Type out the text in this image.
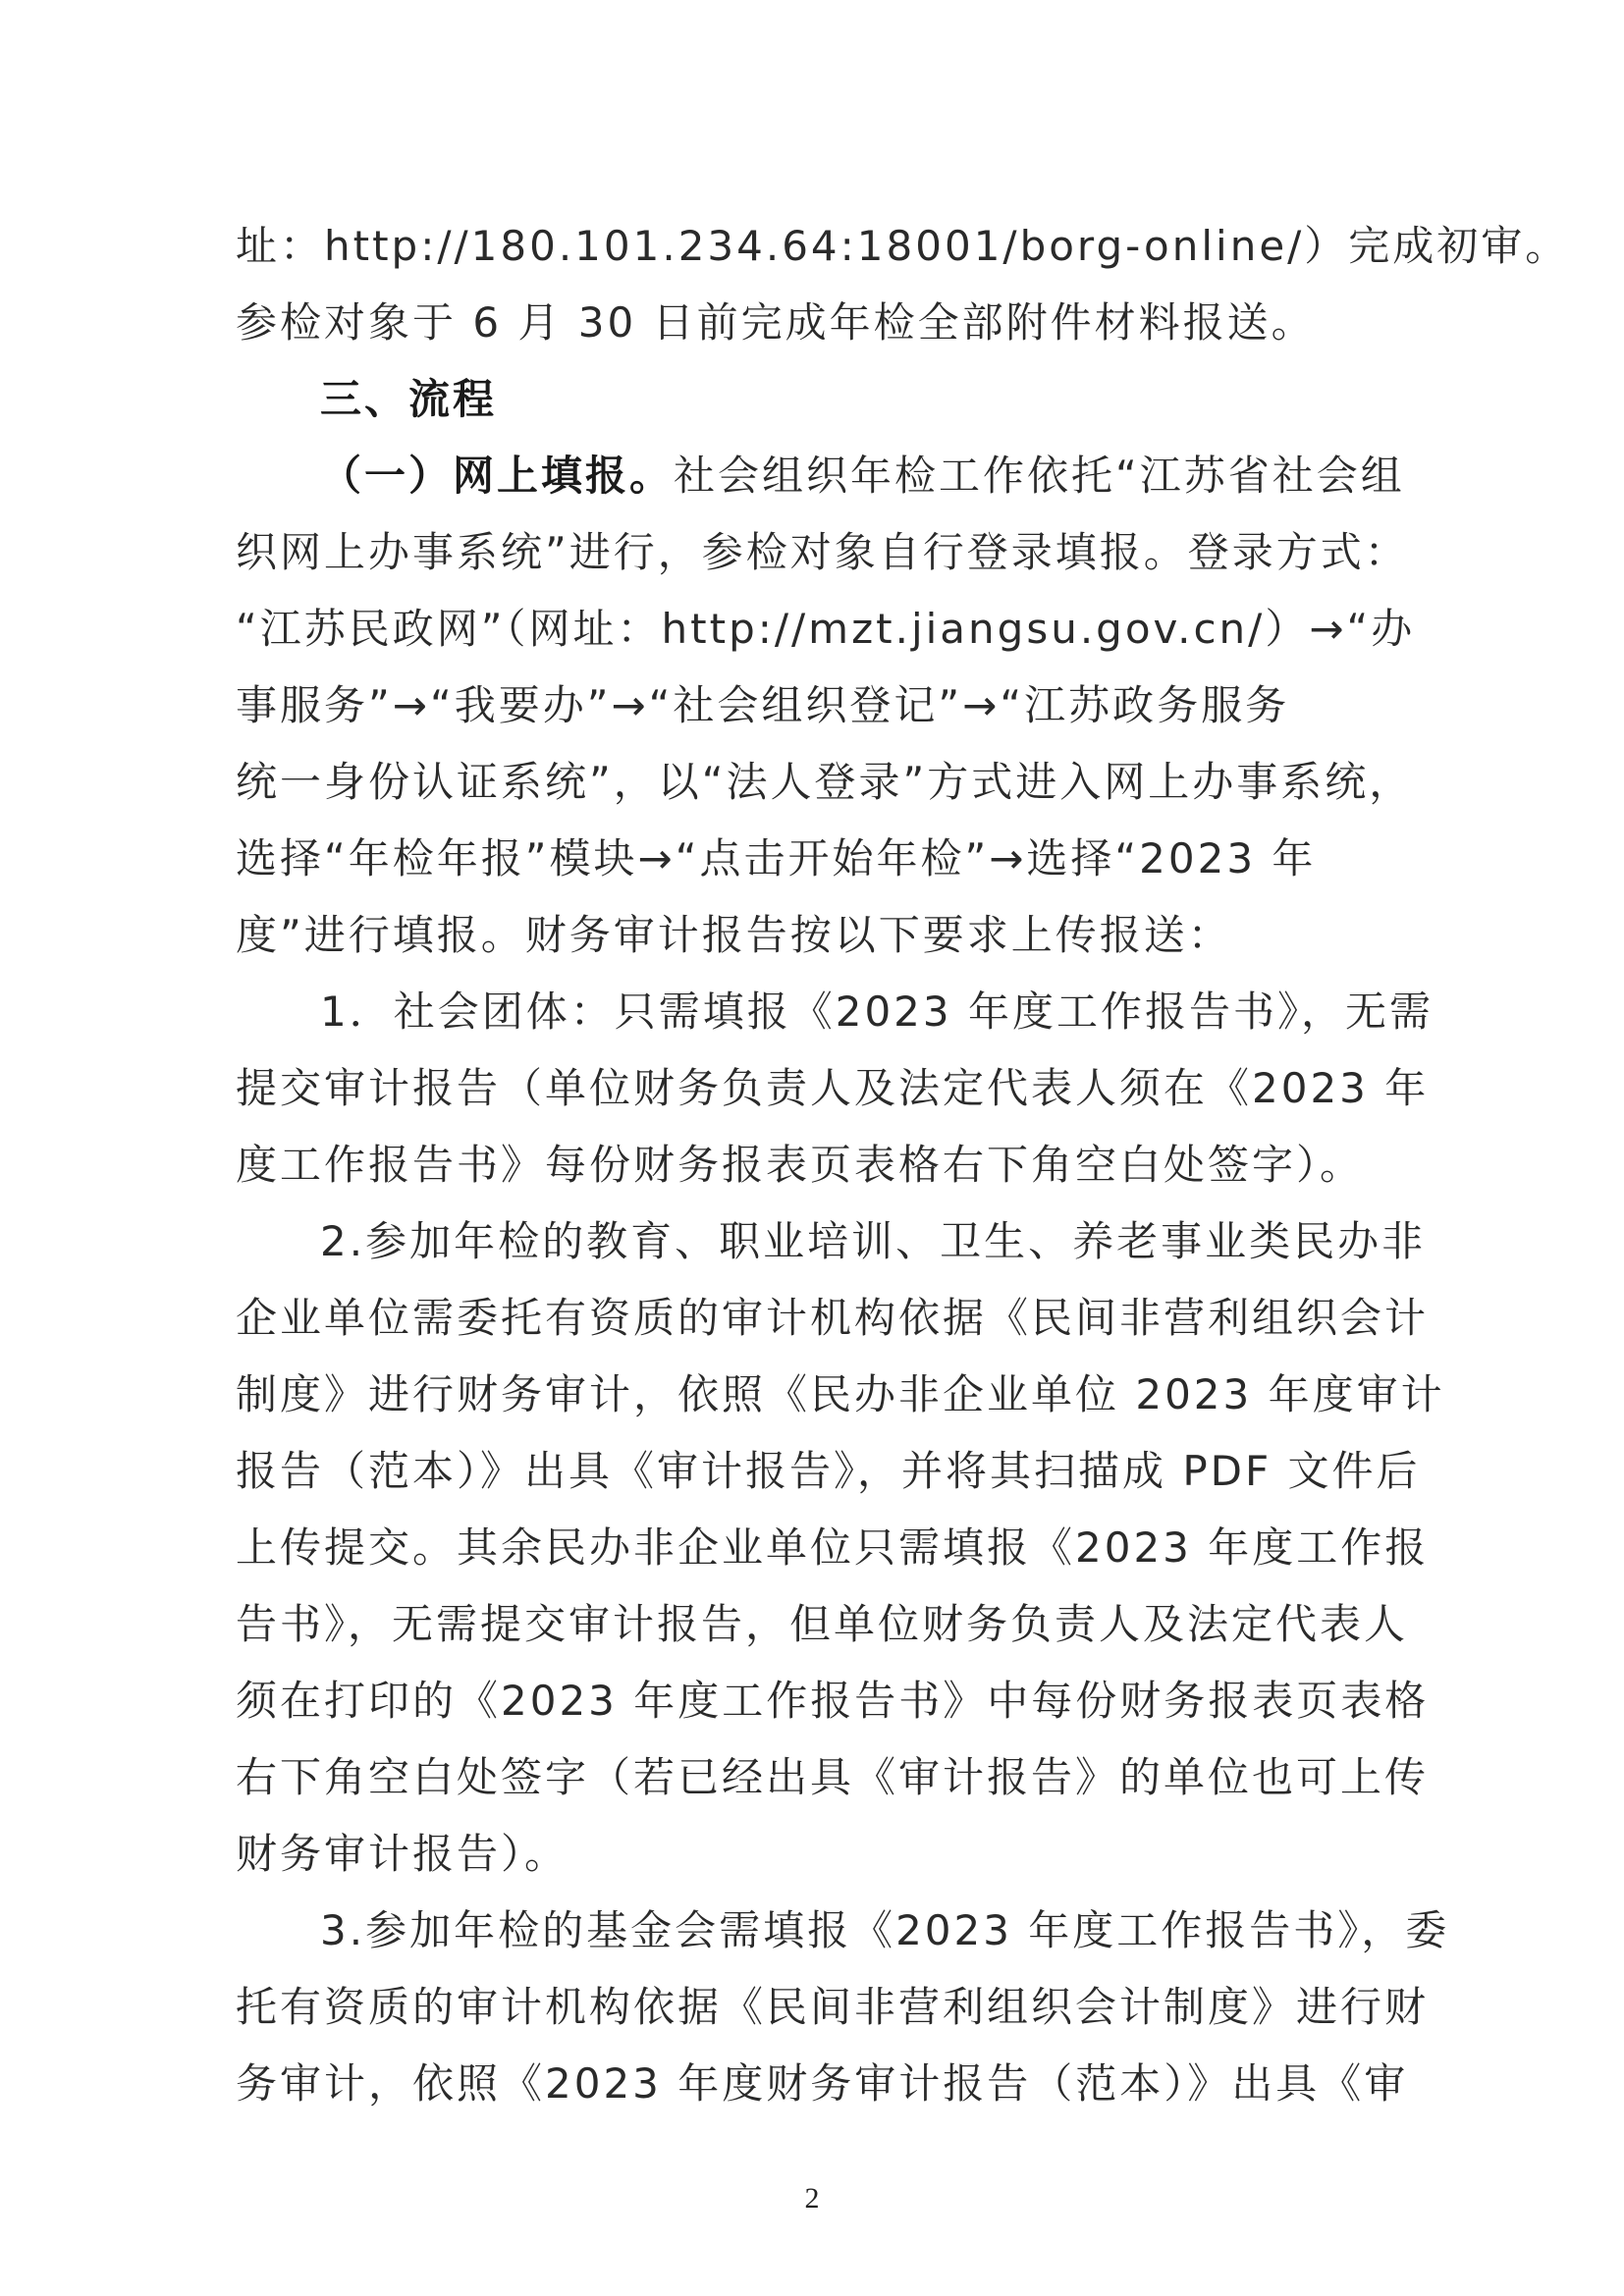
址：http://180.101.234.64:18001/borg-online/）完成初审。
参检对象于 6 月 30 日前完成年检全部附件材料报送。
三、流程
（一）网上填报。社会组织年检工作依托“江苏省社会组
织网上办事系统”进行，参检对象自行登录填报。登录方式：
“江苏民政网”（网址：http://mzt.jiangsu.gov.cn/）→“办
事服务”→“我要办”→“社会组织登记”→“江苏政务服务
统一身份认证系统”，以“法人登录”方式进入网上办事系统，
选择“年检年报”模块→“点击开始年检”→选择“2023 年
度”进行填报。财务审计报告按以下要求上传报送：
1．社会团体：只需填报《2023 年度工作报告书》，无需
提交审计报告（单位财务负责人及法定代表人须在《2023 年
度工作报告书》每份财务报表页表格右下角空白处签字）。
2.参加年检的教育、职业培训、卫生、养老事业类民办非
企业单位需委托有资质的审计机构依据《民间非营利组织会计
制度》进行财务审计，依照《民办非企业单位 2023 年度审计
报告（范本）》出具《审计报告》，并将其扫描成 PDF 文件后
上传提交。其余民办非企业单位只需填报《2023 年度工作报
告书》，无需提交审计报告，但单位财务负责人及法定代表人
须在打印的《2023 年度工作报告书》中每份财务报表页表格
右下角空白处签字（若已经出具《审计报告》的单位也可上传
财务审计报告）。
3.参加年检的基金会需填报《2023 年度工作报告书》，委
托有资质的审计机构依据《民间非营利组织会计制度》进行财
务审计，依照《2023 年度财务审计报告（范本）》出具《审
2
